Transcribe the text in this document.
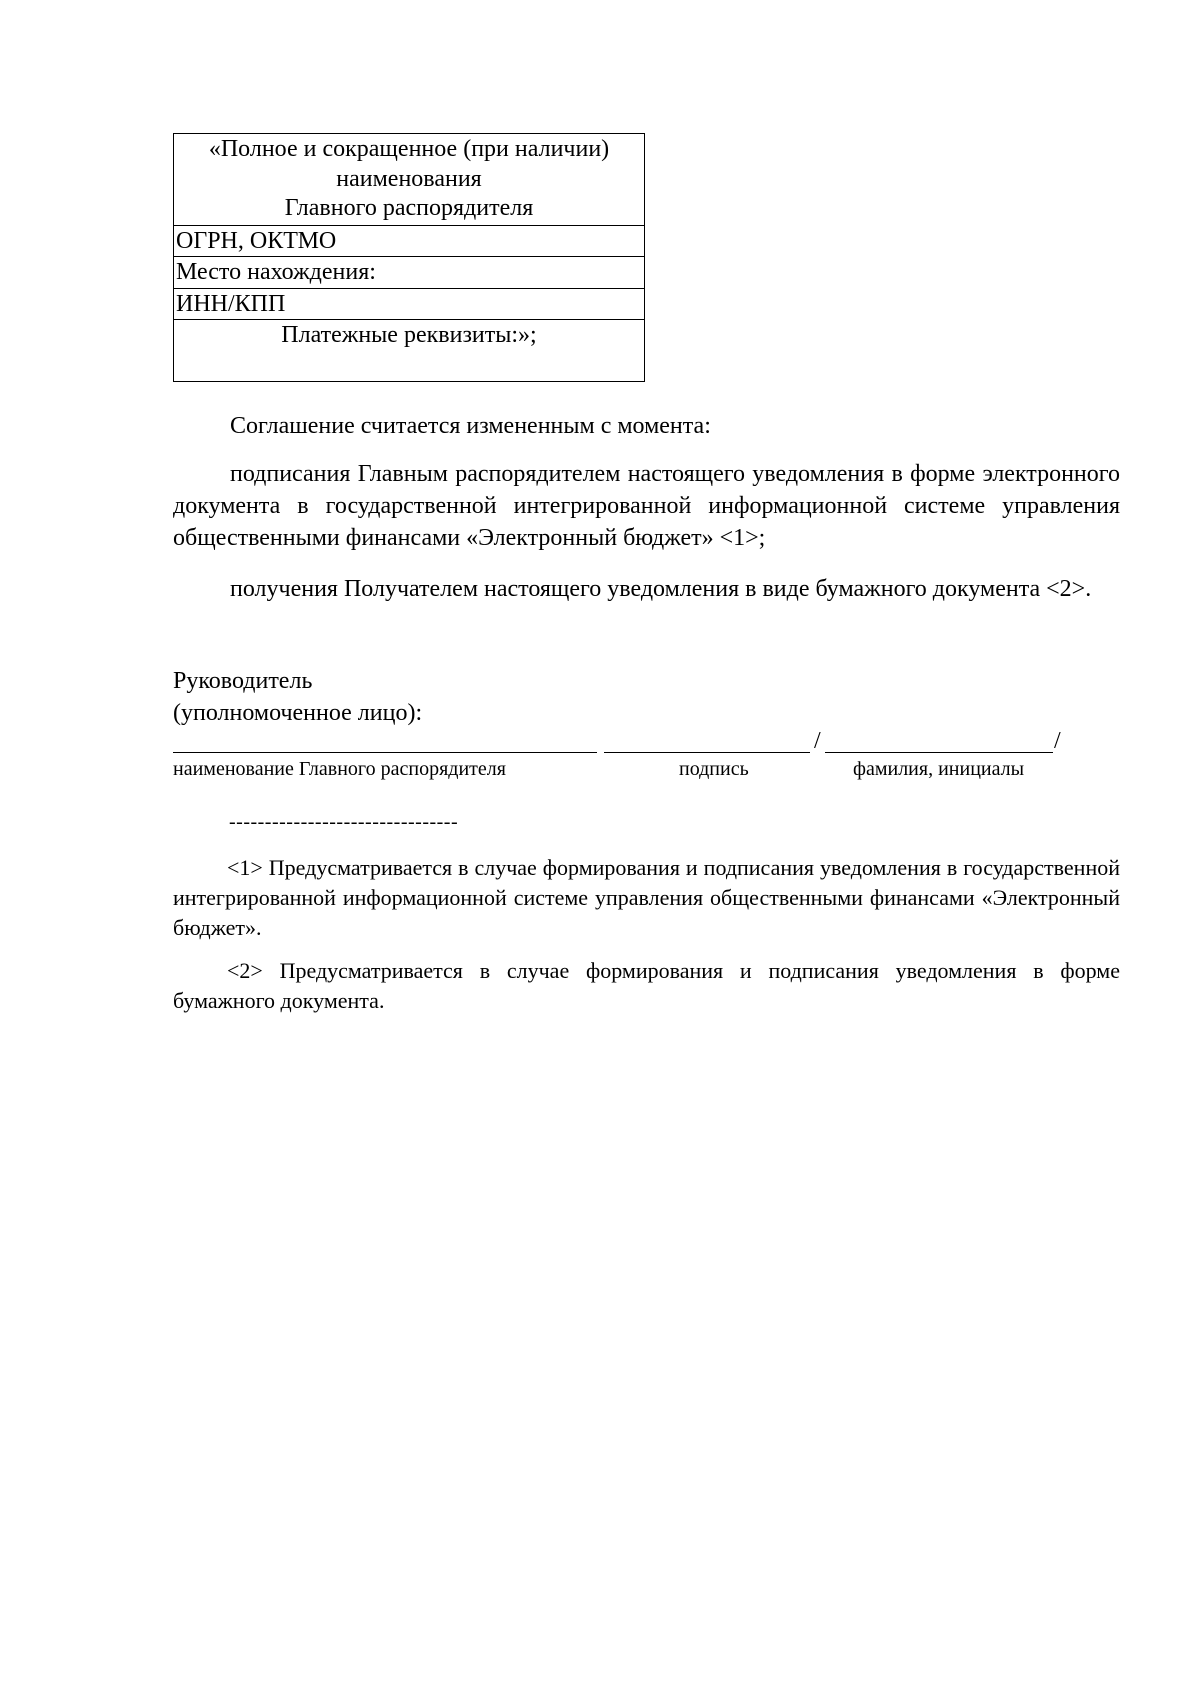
«Полное и сокращенное (при наличии)
наименования
Главного распорядителя
ОГРН, ОКТМО
Место нахождения:
ИНН/КПП
Платежные реквизиты:»;

Соглашение считается измененным с момента:

подписания Главным распорядителем настоящего уведомления в форме электронного документа в государственной интегрированной информационной системе управления общественными финансами «Электронный бюджет» <1>;

получения Получателем настоящего уведомления в виде бумажного документа <2>.

Руководитель

(уполномоченное лицо):

/	/
наименование Главного распорядителя	подпись	фамилия, инициалы
--------------------------------

<1> Предусматривается в случае формирования и подписания уведомления в государственной интегрированной информационной системе управления общественными финансами «Электронный бюджет».

<2> Предусматривается в случае формирования и подписания уведомления в форме бумажного документа.
